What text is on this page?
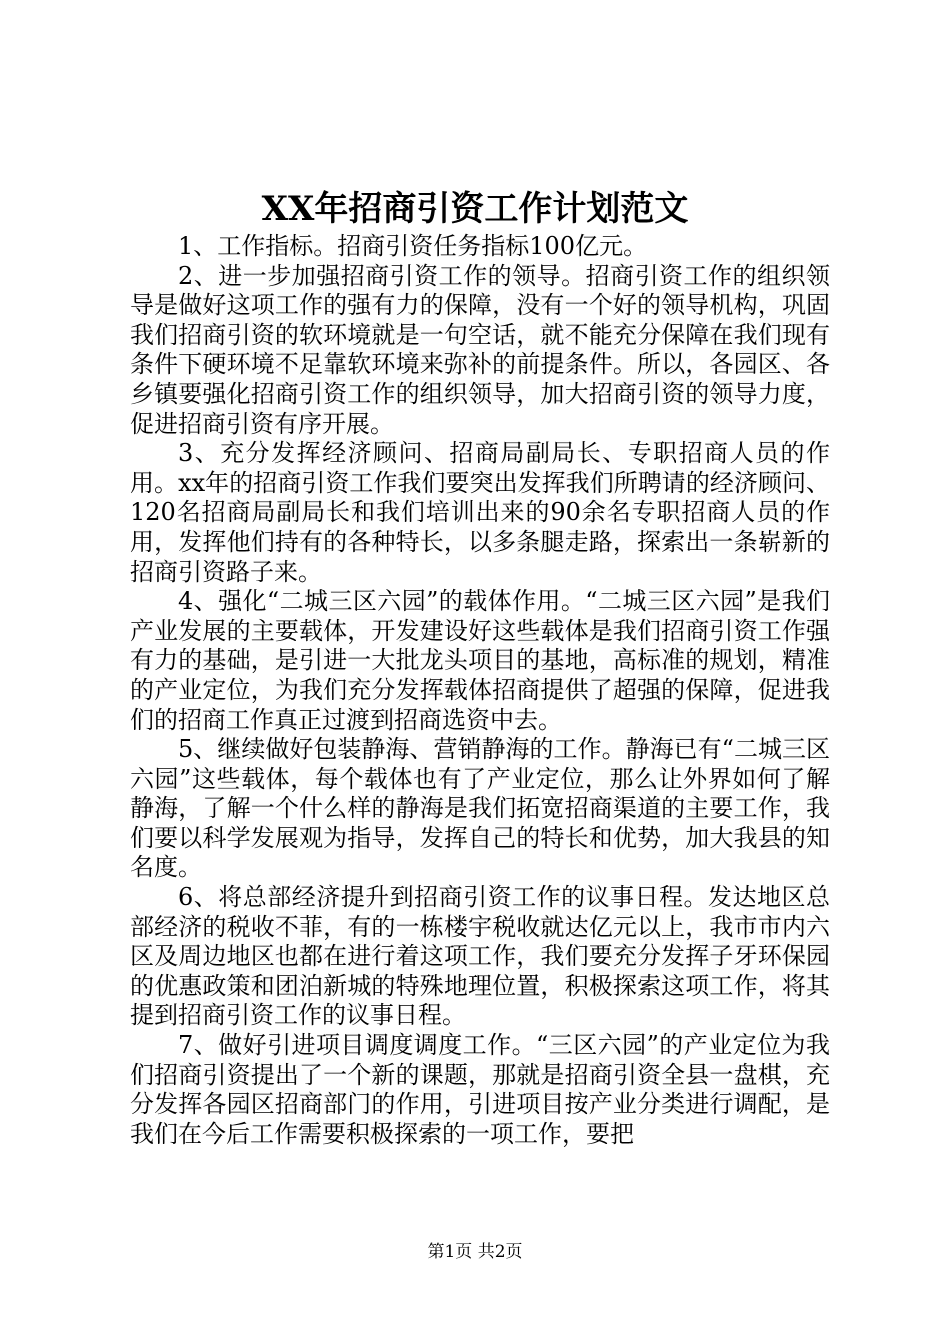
XX年招商引资工作计划范文

1、工作指标。招商引资任务指标100亿元。

2、进一步加强招商引资工作的领导。招商引资工作的组织领导是做好这项工作的强有力的保障，没有一个好的领导机构，巩固我们招商引资的软环境就是一句空话，就不能充分保障在我们现有条件下硬环境不足靠软环境来弥补的前提条件。所以，各园区、各乡镇要强化招商引资工作的组织领导，加大招商引资的领导力度，促进招商引资有序开展。

3、充分发挥经济顾问、招商局副局长、专职招商人员的作用。xx年的招商引资工作我们要突出发挥我们所聘请的经济顾问、120名招商局副局长和我们培训出来的90余名专职招商人员的作用，发挥他们持有的各种特长，以多条腿走路，探索出一条崭新的招商引资路子来。

4、强化“二城三区六园”的载体作用。“二城三区六园”是我们产业发展的主要载体，开发建设好这些载体是我们招商引资工作强有力的基础，是引进一大批龙头项目的基地，高标准的规划，精准的产业定位，为我们充分发挥载体招商提供了超强的保障，促进我们的招商工作真正过渡到招商选资中去。

5、继续做好包装静海、营销静海的工作。静海已有“二城三区六园”这些载体，每个载体也有了产业定位，那么让外界如何了解静海，了解一个什么样的静海是我们拓宽招商渠道的主要工作，我们要以科学发展观为指导，发挥自己的特长和优势，加大我县的知名度。

6、将总部经济提升到招商引资工作的议事日程。发达地区总部经济的税收不菲，有的一栋楼宇税收就达亿元以上，我市市内六区及周边地区也都在进行着这项工作，我们要充分发挥子牙环保园的优惠政策和团泊新城的特殊地理位置，积极探索这项工作，将其提到招商引资工作的议事日程。

7、做好引进项目调度调度工作。“三区六园”的产业定位为我们招商引资提出了一个新的课题，那就是招商引资全县一盘棋，充分发挥各园区招商部门的作用，引进项目按产业分类进行调配，是我们在今后工作需要积极探索的一项工作，要把

第1页 共2页
